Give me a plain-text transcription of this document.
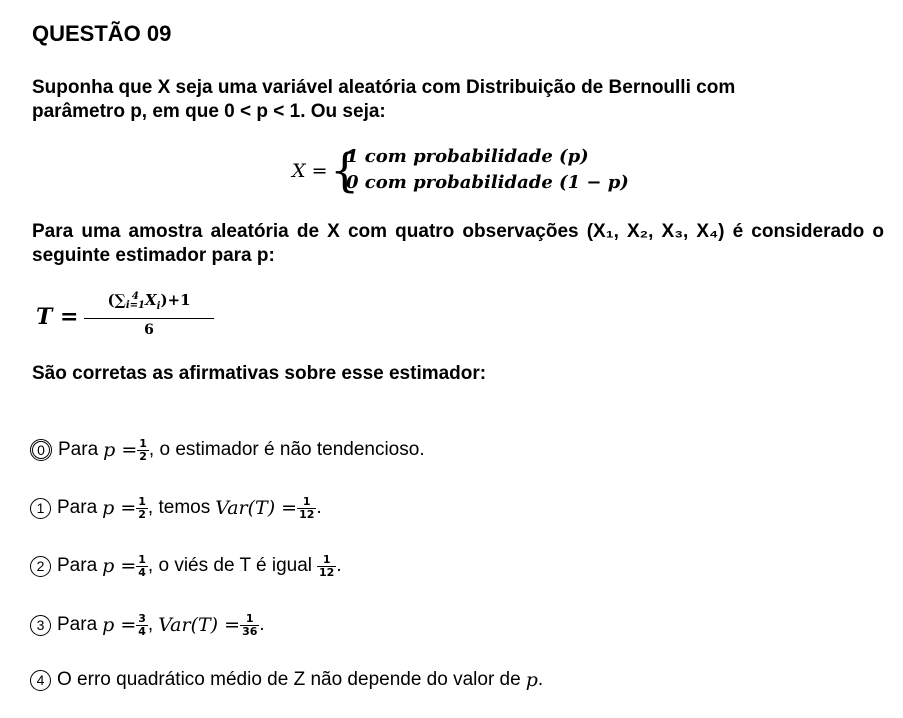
QUESTÃO 09
Suponha que X seja uma variável aleatória com Distribuição de Bernoulli com
parâmetro p, em que 0 < p < 1. Ou seja:
X = {
1 com probabilidade (p)
0 com probabilidade (1 − p)
Para uma amostra aleatória de X com quatro observações (X₁, X₂, X₃, X₄) é considerado o seguinte estimador para p:
T =
(∑ 4
i=1 $X_i)+1$
6
São corretas as afirmativas sobre esse estimador:
0 Para $p = \frac{1}{2}$ , o estimador é não tendencioso.
1 Para $p = \frac{1}{2}$ , temos $Var(T) = \frac{1}{12}$ .
2 Para $p = \frac{1}{4}$ , o viés de T é igual $\frac{1}{12}$ .
3 Para $p = \frac{3}{4}$ , $Var(T) = \frac{1}{36}$ .
4 O erro quadrático médio de Z não depende do valor de p .
